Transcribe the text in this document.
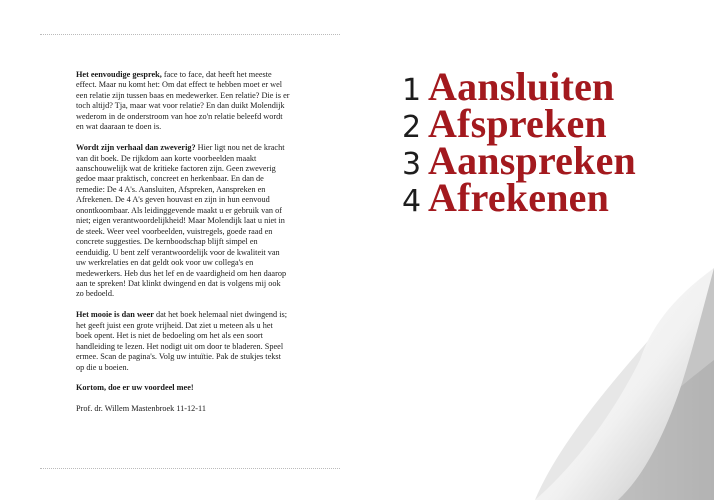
Het eenvoudige gesprek, face to face, dat heeft het meeste effect. Maar nu komt het: Om dat effect te hebben moet er wel een relatie zijn tussen baas en medewerker. Een relatie? Die is er toch altijd? Tja, maar wat voor relatie? En dan duikt Molendijk wederom in de onderstroom van hoe zo'n relatie beleefd wordt en wat daaraan te doen is.

Wordt zijn verhaal dan zweverig? Hier ligt nou net de kracht van dit boek. De rijkdom aan korte voorbeelden maakt aanschouwelijk wat de kritieke factoren zijn. Geen zweverig gedoe maar praktisch, concreet en herkenbaar. En dan de remedie: De 4 A's. Aansluiten, Afspreken, Aanspreken en Afrekenen. De 4 A's geven houvast en zijn in hun eenvoud onontkoombaar. Als leidinggevende maakt u er gebruik van of niet; eigen verantwoordelijkheid! Maar Molendijk laat u niet in de steek. Weer veel voorbeelden, vuistregels, goede raad en concrete suggesties. De kernboodschap blijft simpel en eenduidig. U bent zelf verantwoordelijk voor de kwaliteit van uw werkrelaties en dat geldt ook voor uw collega's en medewerkers. Heb dus het lef en de vaardigheid om hen daarop aan te spreken! Dat klinkt dwingend en dat is volgens mij ook zo bedoeld.

Het mooie is dan weer dat het boek helemaal niet dwingend is; het geeft juist een grote vrijheid. Dat ziet u meteen als u het boek opent. Het is niet de bedoeling om het als een soort handleiding te lezen. Het nodigt uit om door te bladeren. Speel ermee. Scan de pagina's. Volg uw intuïtie. Pak de stukjes tekst op die u boeien.

Kortom, doe er uw voordeel mee!

Prof. dr. Willem Mastenbroek 11-12-11

1 Aansluiten
2 Afspreken
3 Aanspreken
4 Afrekenen
